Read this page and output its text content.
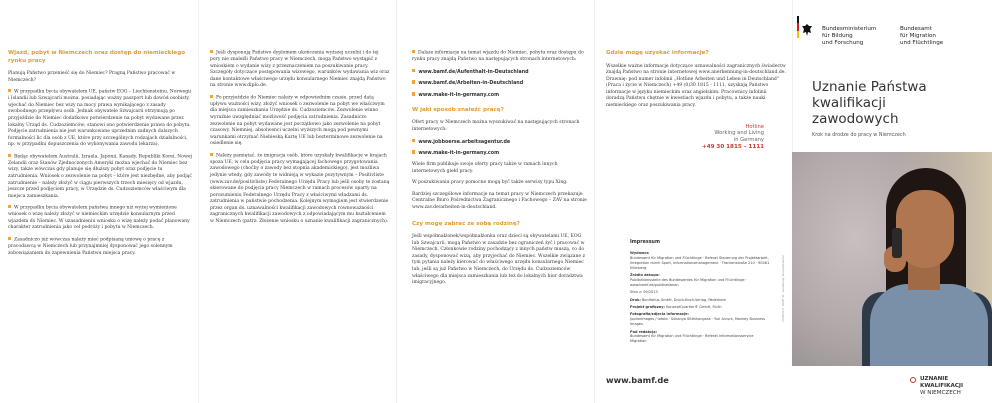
Wjazd, pobyt w Niemczech oraz dostęp do niemieckiego rynku pracy

Planują Państwo przenieść się do Niemiec? Pragną Państwo pracować w Niemczech?

W przypadku bycia obywatelem UE, państw EOG – Liechtensteinu, Norwegii i Islandii lub Szwajcarii można, posiadając ważny paszport lub dowód osobisty, wjechać do Niemiec bez wizy na mocy prawa wynikającego z zasady swobodnego przepływu osób. Jednak obywatele Szwajcarii otrzymują po przyjeździe do Niemiec dodatkowo potwierdzenie na pobyt wydawane przez lokalny Urząd ds. Cudzoziemców; stanowi ono potwierdzenie prawa do pobytu. Podjęcie zatrudnienia nie jest warunkowane uprzednim zadnych dalszych formalności lic dla osób z UE, które przy szczególnych rodzajach działalności, np. w przypadku dopuszczenia do wykonywania zawodu lekarza).

Będąc obywatelem Australii, Izraela, Japonii, Kanady, Republiki Korei, Nowej Zelandii oraz Stanów Zjednoczonych Ameryki można wjechać do Niemiec bez wizy, także wówczas gdy planuje się dłuższy pobyt oraz podjęcie tu zatrudnienia. Wniosek o zezwolenie na pobyt – które jest niezbędne, aby podjąć zatrudnienie – należy złożyć w ciągu pierwszych trzech miesięcy od wjazdu, jeszcze przed podjęciem pracy, w Urzędzie ds. Cudzoziemców właściwym dla miejsca zamieszkania.

W przypadku bycia obywatelem państwa innego niż wyżej wymienione wniosek o wizę należy złożyć w niemieckim urzędzie konsularnym przed wjazdem do Niemiec. W uzasadnieniu wniosku o wizę należy podać planowany charakter zatrudnienia jako cel podróży i pobytu w Niemczech.

Zasadniczo już wówczas należy mieć podpisaną umowę o pracę z pracodawcą w Niemczech lub przynajmniej dysponować jego solennym zobowiązaniem do zapewnienia Państwu miejsca pracy.

Jeśli dysponują Państwo dyplomem ukończenia wyższej uczelni i do tej pory nie znaleźli Państwo pracy w Niemczech, mogą Państwo wystąpić z wnioskiem o wydanie wizy z przeznaczeniem na poszukiwanie pracy. Szczegóły dotyczące postępowania wizowego, warunków wydawania wiz oraz dane kontaktowe właściwego urzędu konsularnego Niemiec znajdą Państwo na stronie www.diplo.de.

Po przyjeździe do Niemiec należy w odpowiednim czasie, przed datą upływu ważności wizy, złożyć wniosek o zezwolenie na pobyt we właściwym dla miejsca zamieszkania Urzędzie ds. Cudzoziemców. Zezwolenie winno wyraźnie uwzględniać możliwość podjęcia zatrudnienia. Zasadniczo zezwolenie na pobyt wydawane jest początkowo jako zezwolenie na pobyt czasowy. Niemniej, absolwenci uczelni wyższych mogą pod pewnymi warunkami otrzymać Niebieską Kartę UE lub bezterminowe zezwolenie na osiedlenie się.

Należy pamiętać, że imigracja osób, które uzyskały kwalifikacje w krajach spoza UE, w celu podjęcia pracy wymagającej fachowego przygotowania zawodowego (choćby o zawody bez stopnia akademickiego), jest możliwa jedynie wtedy, gdy zawody te widnieją w wykazie pozytywnym – Positivliste (www.zav.de/positivliste) Federalnego Urzędu Pracy lub jeśli osoby te zostaną skierowane do podjęcia pracy Niemczech w ramach procesów oparty na porozumieniu Federalnego Urzędu Pracy z właściwymi władzami ds. zatrudnienia w państwie pochodzenia. Kolejnym wymogiem jest stwierdzenie przez organ ds. uznawalności kwalifikacji zawodowych równoważności zagranicznych kwalifikacji zawodowych z odpowiadającym mu kształceniem w Niemczech (patrz: Złożenie wniosku o uznanie kwalifikacji zagranicznych).

Dalsze informacje na temat wjazdu do Niemiec, pobytu oraz dostępu do rynku pracy znajdą Państwo na następujących stronach internetowych:

www.bamf.de/Aufenthalt-in-Deutschland
www.bamf.de/Arbeiten-in-Deutschland
www.make-it-in-germany.com
W jaki sposób znaleźć pracę?

Ofert pracy w Niemczech można wyszukiwać na następujących stronach internetowych:

www.jobboerse.arbeitsagentur.de
www.make-it-in-germany.com

Wiele firm publikuje swoje oferty pracy także w ramach innych internetowych giełd pracy.

W poszukiwaniu pracy pomocne mogą być także serwisy typu Xing.

Bardziej szczegółowe informacje na temat pracy w Niemczech przekazuje Centralne Biuro Pośrednictwa Zagranicznego i Fachowego – ZAV na stronie www.zav.de/arbeiten-in-deutschland.

Czy mogę zabrać ze sobą rodzinę?

Jeśli współmałżonek/współmałżonka oraz dzieci są obywatelami UE, EOG lub Szwajcarii, mogą Państwo w zasadzie bez ograniczeń żyć i pracować w Niemczech. Członkowie rodziny pochodzący z innych państw muszą, co do zasady, dysponować wizą, aby przyjechać do Niemiec. Wszelkie związane z tym pytania należy kierować do właściwego urzędu konsularnego Niemiec lub, jeśli są już Państwo w Niemczech, do Urzędu ds. Cudzoziemców właściwego dla miejsca zamieszkania lub też do lokalnych biur doradztwa imigracyjnego.

Gdzie mogę uzyskać informacje?

Wszelkie ważne informacje dotyczące uznawalności zagranicznych świadectw znajdą Państwo na stronie internetowej www.anerkennung-in-deutschland.de. Drawnię: pod numer infolinii „Hotline Arbeiten und Leben in Deutschland" (Praca i życie w Niemczech) +49 (0)30 1815 - 1111, uzyskają Państwo informacje w języku niemieckim oraz angielskim. Pracownicy infolinii doradzą Państwu chętnie w kwestiach wjazdu i pobytu, a także nauki niemieckiego oraz poszukiwania pracy.

Hotline
Working and Living
in Germany
+49 30 1815 – 1111
Impressum
Wydawca
Bundesamt für Migration und Flüchtlinge · Referat Steuerung der Projektarbeit, Integration durch Sport, Informationsmanagement · Frankenstraße 210 · 90461 Nürnberg
Źródło zakupu:
Publikationsstelle des Bundesamtes für Migration und Flüchtlinge · www.bamf.de/publikationen
Stan z: 09/2013
Druk: Bonifatius GmbH, Druck-Buch-Verlag, Paderborn
Projekt graficzny: KonzeptQuartier® GmbH, Fürth
Fotografia/zdjęcia informacje:
Jupiterimages / Iofoto · Sukanya Sitthikongsak · Yuri Arcurs, Monkey Business Images
Pod redakcją:
Bundesamt für Migration und Flüchtlinge · Referat Informationsservice Migration
www.bamf.de
POLNISCH · BAMF 40 · Gestaltung: KonzeptQuartier
Bundesministerium
für Bildung
und Forschung
Bundesamt
für Migration
und Flüchtlinge
Uznanie Państwa
kwalifikacji
zawodowych
Krok na drodze do pracy w Niemczech
UZNANIE KWALIFIKACJI
W NIEMCZECH
